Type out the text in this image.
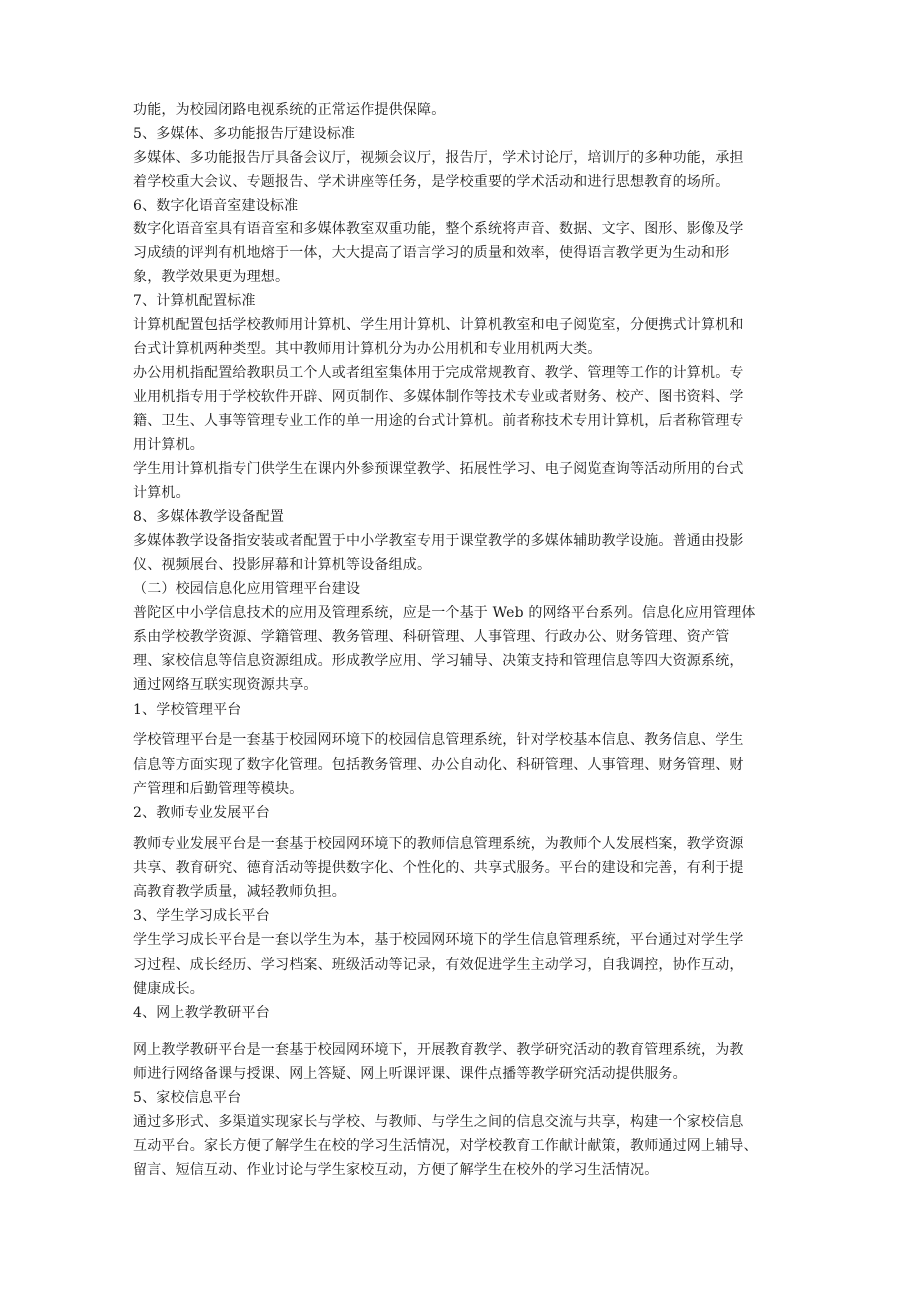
功能，为校园闭路电视系统的正常运作提供保障。
5、多媒体、多功能报告厅建设标准
多媒体、多功能报告厅具备会议厅，视频会议厅，报告厅，学术讨论厅，培训厅的多种功能，承担
着学校重大会议、专题报告、学术讲座等任务，是学校重要的学术活动和进行思想教育的场所。
6、数字化语音室建设标准
数字化语音室具有语音室和多媒体教室双重功能，整个系统将声音、数据、文字、图形、影像及学
习成绩的评判有机地熔于一体，大大提高了语言学习的质量和效率，使得语言教学更为生动和形
象，教学效果更为理想。
7、计算机配置标准
计算机配置包括学校教师用计算机、学生用计算机、计算机教室和电子阅览室，分便携式计算机和
台式计算机两种类型。其中教师用计算机分为办公用机和专业用机两大类。
办公用机指配置给教职员工个人或者组室集体用于完成常规教育、教学、管理等工作的计算机。专
业用机指专用于学校软件开辟、网页制作、多媒体制作等技术专业或者财务、校产、图书资料、学
籍、卫生、人事等管理专业工作的单一用途的台式计算机。前者称技术专用计算机，后者称管理专
用计算机。
学生用计算机指专门供学生在课内外参预课堂教学、拓展性学习、电子阅览查询等活动所用的台式
计算机。
8、多媒体教学设备配置
多媒体教学设备指安装或者配置于中小学教室专用于课堂教学的多媒体辅助教学设施。普通由投影
仪、视频展台、投影屏幕和计算机等设备组成。
（二）校园信息化应用管理平台建设
普陀区中小学信息技术的应用及管理系统，应是一个基于 Web 的网络平台系列。信息化应用管理体
系由学校教学资源、学籍管理、教务管理、科研管理、人事管理、行政办公、财务管理、资产管
理、家校信息等信息资源组成。形成教学应用、学习辅导、决策支持和管理信息等四大资源系统，
通过网络互联实现资源共享。
1、学校管理平台
学校管理平台是一套基于校园网环境下的校园信息管理系统，针对学校基本信息、教务信息、学生
信息等方面实现了数字化管理。包括教务管理、办公自动化、科研管理、人事管理、财务管理、财
产管理和后勤管理等模块。
2、教师专业发展平台
教师专业发展平台是一套基于校园网环境下的教师信息管理系统，为教师个人发展档案，教学资源
共享、教育研究、德育活动等提供数字化、个性化的、共享式服务。平台的建设和完善，有利于提
高教育教学质量，减轻教师负担。
3、学生学习成长平台
学生学习成长平台是一套以学生为本，基于校园网环境下的学生信息管理系统，平台通过对学生学
习过程、成长经历、学习档案、班级活动等记录，有效促进学生主动学习，自我调控，协作互动，
健康成长。
4、网上教学教研平台
网上教学教研平台是一套基于校园网环境下，开展教育教学、教学研究活动的教育管理系统，为教
师进行网络备课与授课、网上答疑、网上听课评课、课件点播等教学研究活动提供服务。
5、家校信息平台
通过多形式、多渠道实现家长与学校、与教师、与学生之间的信息交流与共享，构建一个家校信息
互动平台。家长方便了解学生在校的学习生活情况，对学校教育工作献计献策，教师通过网上辅导、
留言、短信互动、作业讨论与学生家校互动，方便了解学生在校外的学习生活情况。
